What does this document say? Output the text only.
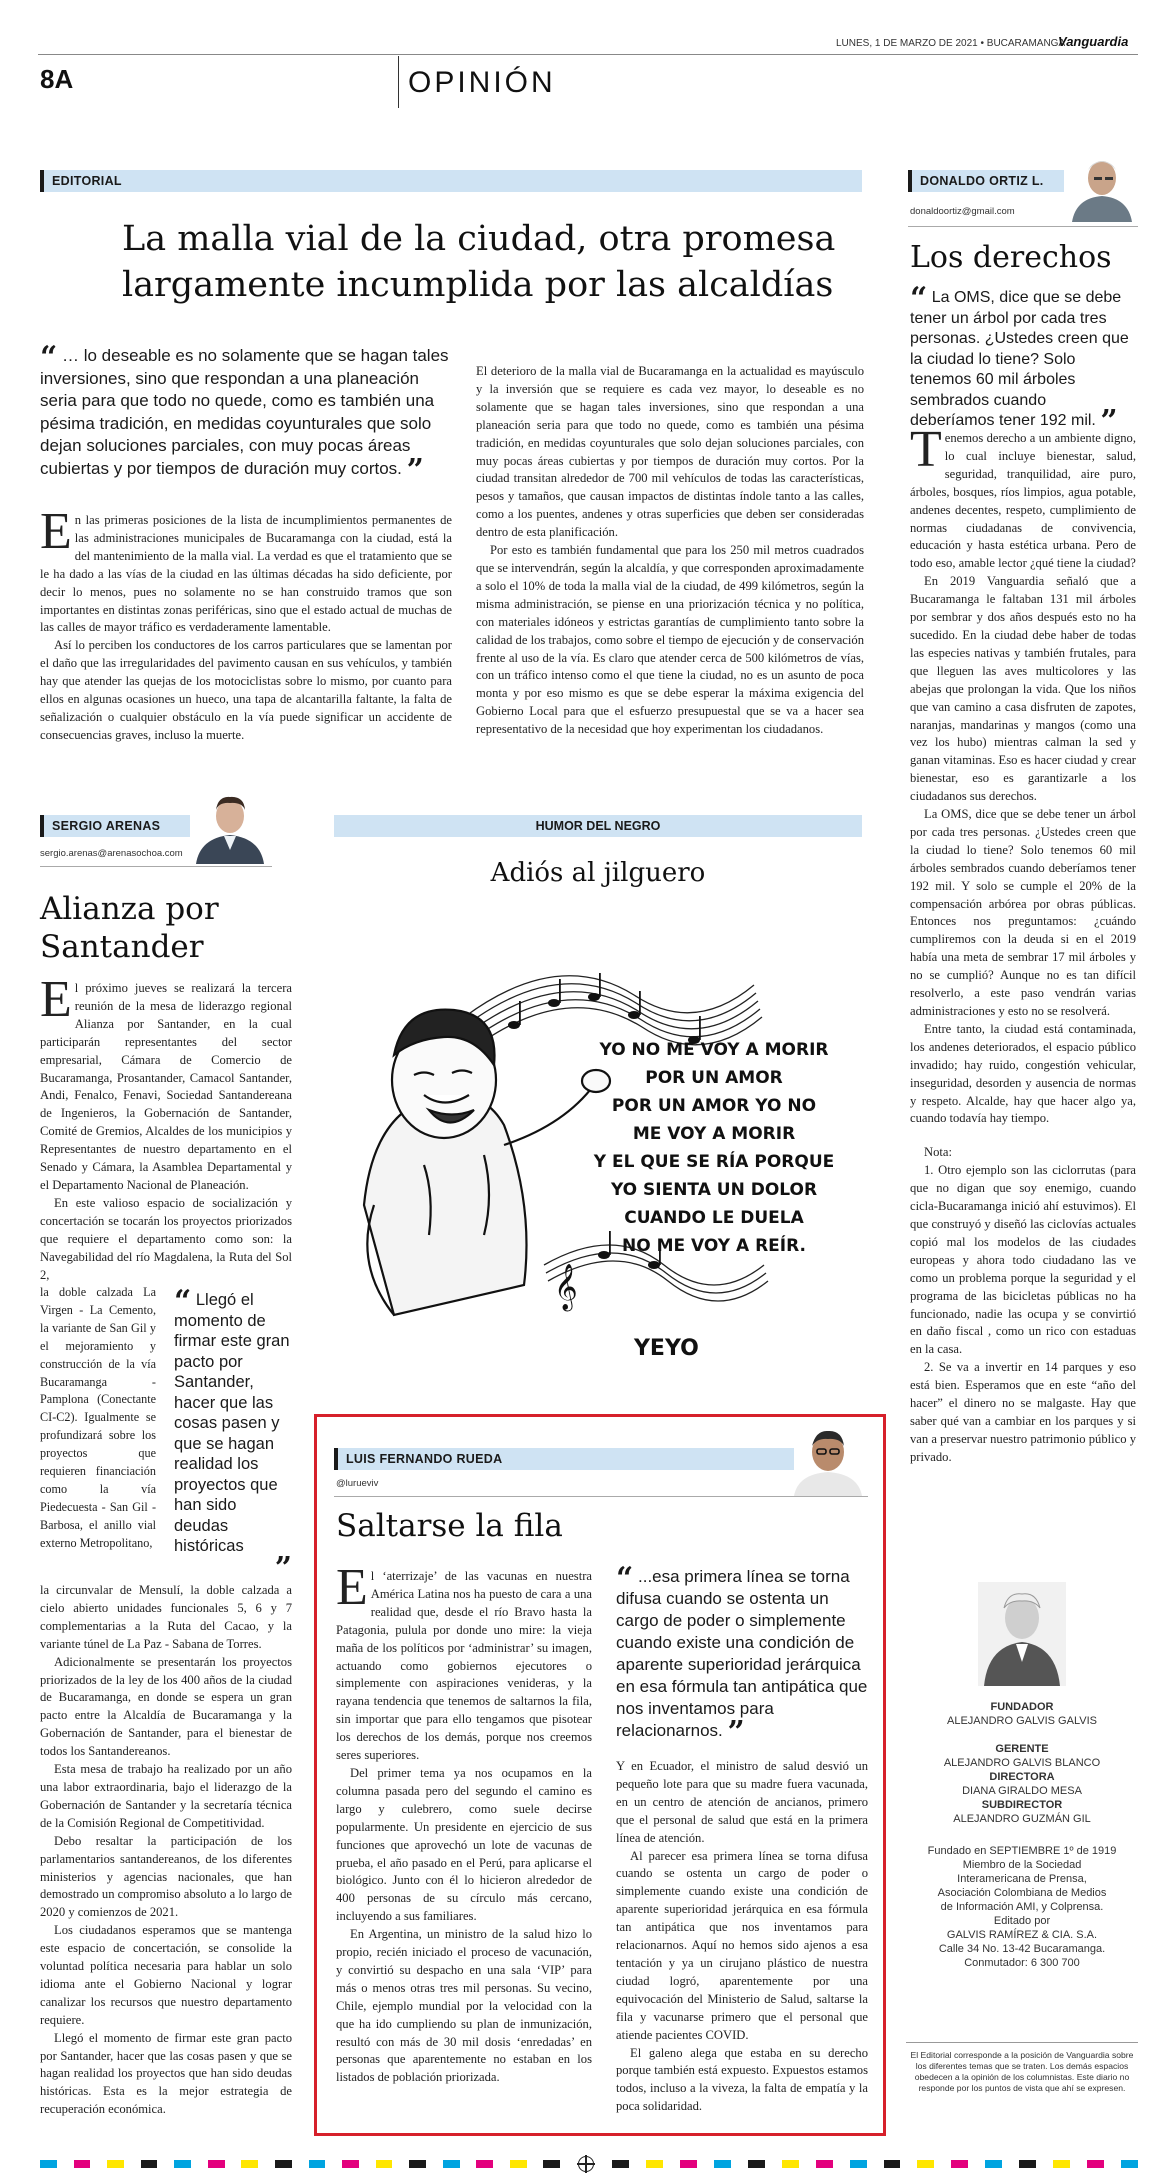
LUNES, 1 DE MARZO DE 2021 • BUCARAMANGA
Vanguardia
8A	OPINIÓN
EDITORIAL
La malla vial de la ciudad, otra promesa
largamente incumplida por las alcaldías
“ … lo deseable es no solamente que se hagan tales inversiones, sino que respondan a una planeación seria para que todo no quede, como es también una pésima tradición, en medidas coyunturales que solo dejan soluciones parciales, con muy pocas áreas cubiertas y por tiempos de duración muy cortos. ”

En las primeras posiciones de la lista de incumplimientos permanentes de las administraciones municipales de Bucaramanga con la ciudad, está la del mantenimiento de la malla vial. La verdad es que el tratamiento que se le ha dado a las vías de la ciudad en las últimas décadas ha sido deficiente, por decir lo menos, pues no solamente no se han construido tramos que son importantes en distintas zonas periféricas, sino que el estado actual de muchas de las calles de mayor tráfico es verdaderamente lamentable.

Así lo perciben los conductores de los carros particulares que se lamentan por el daño que las irregularidades del pavimento causan en sus vehículos, y también hay que atender las quejas de los motociclistas sobre lo mismo, por cuanto para ellos en algunas ocasiones un hueco, una tapa de alcantarilla faltante, la falta de señalización o cualquier obstáculo en la vía puede significar un accidente de consecuencias graves, incluso la muerte.

El deterioro de la malla vial de Bucaramanga en la actualidad es mayúsculo y la inversión que se requiere es cada vez mayor, lo deseable es no solamente que se hagan tales inversiones, sino que respondan a una planeación seria para que todo no quede, como es también una pésima tradición, en medidas coyunturales que solo dejan soluciones parciales, con muy pocas áreas cubiertas y por tiempos de duración muy cortos. Por la ciudad transitan alrededor de 700 mil vehículos de todas las características, pesos y tamaños, que causan impactos de distintas índole tanto a las calles, como a los puentes, andenes y otras superficies que deben ser consideradas dentro de esta planificación.

Por esto es también fundamental que para los 250 mil metros cuadrados que se intervendrán, según la alcaldía, y que corresponden aproximadamente a solo el 10% de toda la malla vial de la ciudad, de 499 kilómetros, según la misma administración, se piense en una priorización técnica y no política, con materiales idóneos y estrictas garantías de cumplimiento tanto sobre la calidad de los trabajos, como sobre el tiempo de ejecución y de conservación frente al uso de la vía. Es claro que atender cerca de 500 kilómetros de vías, con un tráfico intenso como el que tiene la ciudad, no es un asunto de poca monta y por eso mismo es que se debe esperar la máxima exigencia del Gobierno Local para que el esfuerzo presupuestal que se va a hacer sea representativo de la necesidad que hoy experimentan los ciudadanos.

DONALDO ORTIZ L.
donaldoortiz@gmail.com
Los derechos
“ La OMS, dice que se debe tener un árbol por cada tres personas. ¿Ustedes creen que la ciudad lo tiene? Solo tenemos 60 mil árboles sembrados cuando deberíamos tener 192 mil. ”

Tenemos derecho a un ambiente digno, lo cual incluye bienestar, salud, seguridad, tranquilidad, aire puro, árboles, bosques, ríos limpios, agua potable, andenes decentes, respeto, cumplimiento de normas ciudadanas de convivencia, educación y hasta estética urbana. Pero de todo eso, amable lector ¿qué tiene la ciudad?

En 2019 Vanguardia señaló que a Bucaramanga le faltaban 131 mil árboles por sembrar y dos años después esto no ha sucedido. En la ciudad debe haber de todas las especies nativas y también frutales, para que lleguen las aves multicolores y las abejas que prolongan la vida. Que los niños que van camino a casa disfruten de zapotes, naranjas, mandarinas y mangos (como una vez los hubo) mientras calman la sed y ganan vitaminas. Eso es hacer ciudad y crear bienestar, eso es garantizarle a los ciudadanos sus derechos.

La OMS, dice que se debe tener un árbol por cada tres personas. ¿Ustedes creen que la ciudad lo tiene? Solo tenemos 60 mil árboles sembrados cuando deberíamos tener 192 mil. Y solo se cumple el 20% de la compensación arbórea por obras públicas. Entonces nos preguntamos: ¿cuándo cumpliremos con la deuda si en el 2019 había una meta de sembrar 17 mil árboles y no se cumplió? Aunque no es tan difícil resolverlo, a este paso vendrán varias administraciones y esto no se resolverá.

Entre tanto, la ciudad está contaminada, los andenes deteriorados, el espacio público invadido; hay ruido, congestión vehicular, inseguridad, desorden y ausencia de normas y respeto. Alcalde, hay que hacer algo ya, cuando todavía hay tiempo.

Nota:

1. Otro ejemplo son las ciclorrutas (para que no digan que soy enemigo, cuando cicla-Bucaramanga inició ahí estuvimos). El que construyó y diseñó las ciclovías actuales copió mal los modelos de las ciudades europeas y ahora todo ciudadano las ve como un problema porque la seguridad y el programa de las bicicletas públicas no ha funcionado, nadie las ocupa y se convirtió en daño fiscal , como un rico con estaduas en la casa.

2. Se va a invertir en 14 parques y eso está bien. Esperamos que en este “año del hacer” el dinero no se malgaste. Hay que saber qué van a cambiar en los parques y si van a preservar nuestro patrimonio público y privado.

SERGIO ARENAS
sergio.arenas@arenasochoa.com
Alianza por
Santander

El próximo jueves se realizará la tercera reunión de la mesa de liderazgo regional Alianza por Santander, en la cual participarán representantes del sector empresarial, Cámara de Comercio de Bucaramanga, Prosantander, Camacol Santander, Andi, Fenalco, Fenavi, Sociedad Santandereana de Ingenieros, la Gobernación de Santander, Comité de Gremios, Alcaldes de los municipios y Representantes de nuestro departamento en el Senado y Cámara, la Asamblea Departamental y el Departamento Nacional de Planeación.

En este valioso espacio de socialización y concertación se tocarán los proyectos priorizados que requiere el departamento como son: la Navegabilidad del río Magdalena, la Ruta del Sol 2,

la doble calzada La Virgen - La Cemento, la variante de San Gil y el mejoramiento y construcción de la vía Bucaramanga - Pamplona (Conectante CI-C2). Igualmente se profundizará sobre los proyectos que requieren financiación como la vía Piedecuesta - San Gil - Barbosa, el anillo vial externo Metropolitano,

“ Llegó el momento de firmar este gran pacto por Santander, hacer que las cosas pasen y que se hagan realidad los proyectos que han sido deudas históricas
”

la circunvalar de Mensulí, la doble calzada a cielo abierto unidades funcionales 5, 6 y 7 complementarias a la Ruta del Cacao, y la variante túnel de La Paz - Sabana de Torres.

Adicionalmente se presentarán los proyectos priorizados de la ley de los 400 años de la ciudad de Bucaramanga, en donde se espera un gran pacto entre la Alcaldía de Bucaramanga y la Gobernación de Santander, para el bienestar de todos los Santandereanos.

Esta mesa de trabajo ha realizado por un año una labor extraordinaria, bajo el liderazgo de la Gobernación de Santander y la secretaría técnica de la Comisión Regional de Competitividad.

Debo resaltar la participación de los parlamentarios santandereanos, de los diferentes ministerios y agencias nacionales, que han demostrado un compromiso absoluto a lo largo de 2020 y comienzos de 2021.

Los ciudadanos esperamos que se mantenga este espacio de concertación, se consolide la voluntad política necesaria para hablar un solo idioma ante el Gobierno Nacional y lograr canalizar los recursos que nuestro departamento requiere.

Llegó el momento de firmar este gran pacto por Santander, hacer que las cosas pasen y que se hagan realidad los proyectos que han sido deudas históricas. Esta es la mejor estrategia de recuperación económica.

HUMOR DEL NEGRO
Adiós al jilguero
𝄞
YO NO ME VOY A MORIR
POR UN AMOR
POR UN AMOR YO NO
ME VOY A MORIR
Y EL QUE SE RÍA PORQUE
YO SIENTA UN DOLOR
CUANDO LE DUELA
NO ME VOY A REÍR.
YEYO
LUIS FERNANDO RUEDA
@lurueviv
Saltarse la fila

El ‘aterrizaje’ de las vacunas en nuestra América Latina nos ha puesto de cara a una realidad que, desde el río Bravo hasta la Patagonia, pulula por donde uno mire: la vieja maña de los políticos por ‘administrar’ su imagen, actuando como gobiernos ejecutores o simplemente con aspiraciones venideras, y la rayana tendencia que tenemos de saltarnos la fila, sin importar que para ello tengamos que pisotear los derechos de los demás, porque nos creemos seres superiores.

Del primer tema ya nos ocupamos en la columna pasada pero del segundo el camino es largo y culebrero, como suele decirse popularmente. Un presidente en ejercicio de sus funciones que aprovechó un lote de vacunas de prueba, el año pasado en el Perú, para aplicarse el biológico. Junto con él lo hicieron alrededor de 400 personas de su círculo más cercano, incluyendo a sus familiares.

En Argentina, un ministro de la salud hizo lo propio, recién iniciado el proceso de vacunación, y convirtió su despacho en una sala ‘VIP’ para más o menos otras tres mil personas. Su vecino, Chile, ejemplo mundial por la velocidad con la que ha ido cumpliendo su plan de inmunización, resultó con más de 30 mil dosis ‘enredadas’ en personas que aparentemente no estaban en los listados de población priorizada.

“ ...esa primera línea se torna difusa cuando se ostenta un cargo de poder o simplemente cuando existe una condición de aparente superioridad jerárquica en esa fórmula tan antipática que nos inventamos para relacionarnos. ”

Y en Ecuador, el ministro de salud desvió un pequeño lote para que su madre fuera vacunada, en un centro de atención de ancianos, primero que el personal de salud que está en la primera línea de atención.

Al parecer esa primera línea se torna difusa cuando se ostenta un cargo de poder o simplemente cuando existe una condición de aparente superioridad jerárquica en esa fórmula tan antipática que nos inventamos para relacionarnos. Aquí no hemos sido ajenos a esa tentación y ya un cirujano plástico de nuestra ciudad logró, aparentemente por una equivocación del Ministerio de Salud, saltarse la fila y vacunarse primero que el personal que atiende pacientes COVID.

El galeno alega que estaba en su derecho porque también está expuesto. Expuestos estamos todos, incluso a la viveza, la falta de empatía y la poca solidaridad.

FUNDADOR
ALEJANDRO GALVIS GALVIS
GERENTE
ALEJANDRO GALVIS BLANCO
DIRECTORA
DIANA GIRALDO MESA
SUBDIRECTOR
ALEJANDRO GUZMÁN GIL
Fundado en SEPTIEMBRE 1º de 1919
Miembro de la Sociedad
Interamericana de Prensa,
Asociación Colombiana de Medios
de Información AMI, y Colprensa.
Editado por
GALVIS RAMÍREZ & CIA. S.A.
Calle 34 No. 13-42 Bucaramanga.
Conmutador: 6 300 700
El Editorial corresponde a la posición de Vanguardia sobre los diferentes temas que se traten. Los demás espacios obedecen a la opinión de los columnistas. Este diario no responde por los puntos de vista que ahí se expresen.
